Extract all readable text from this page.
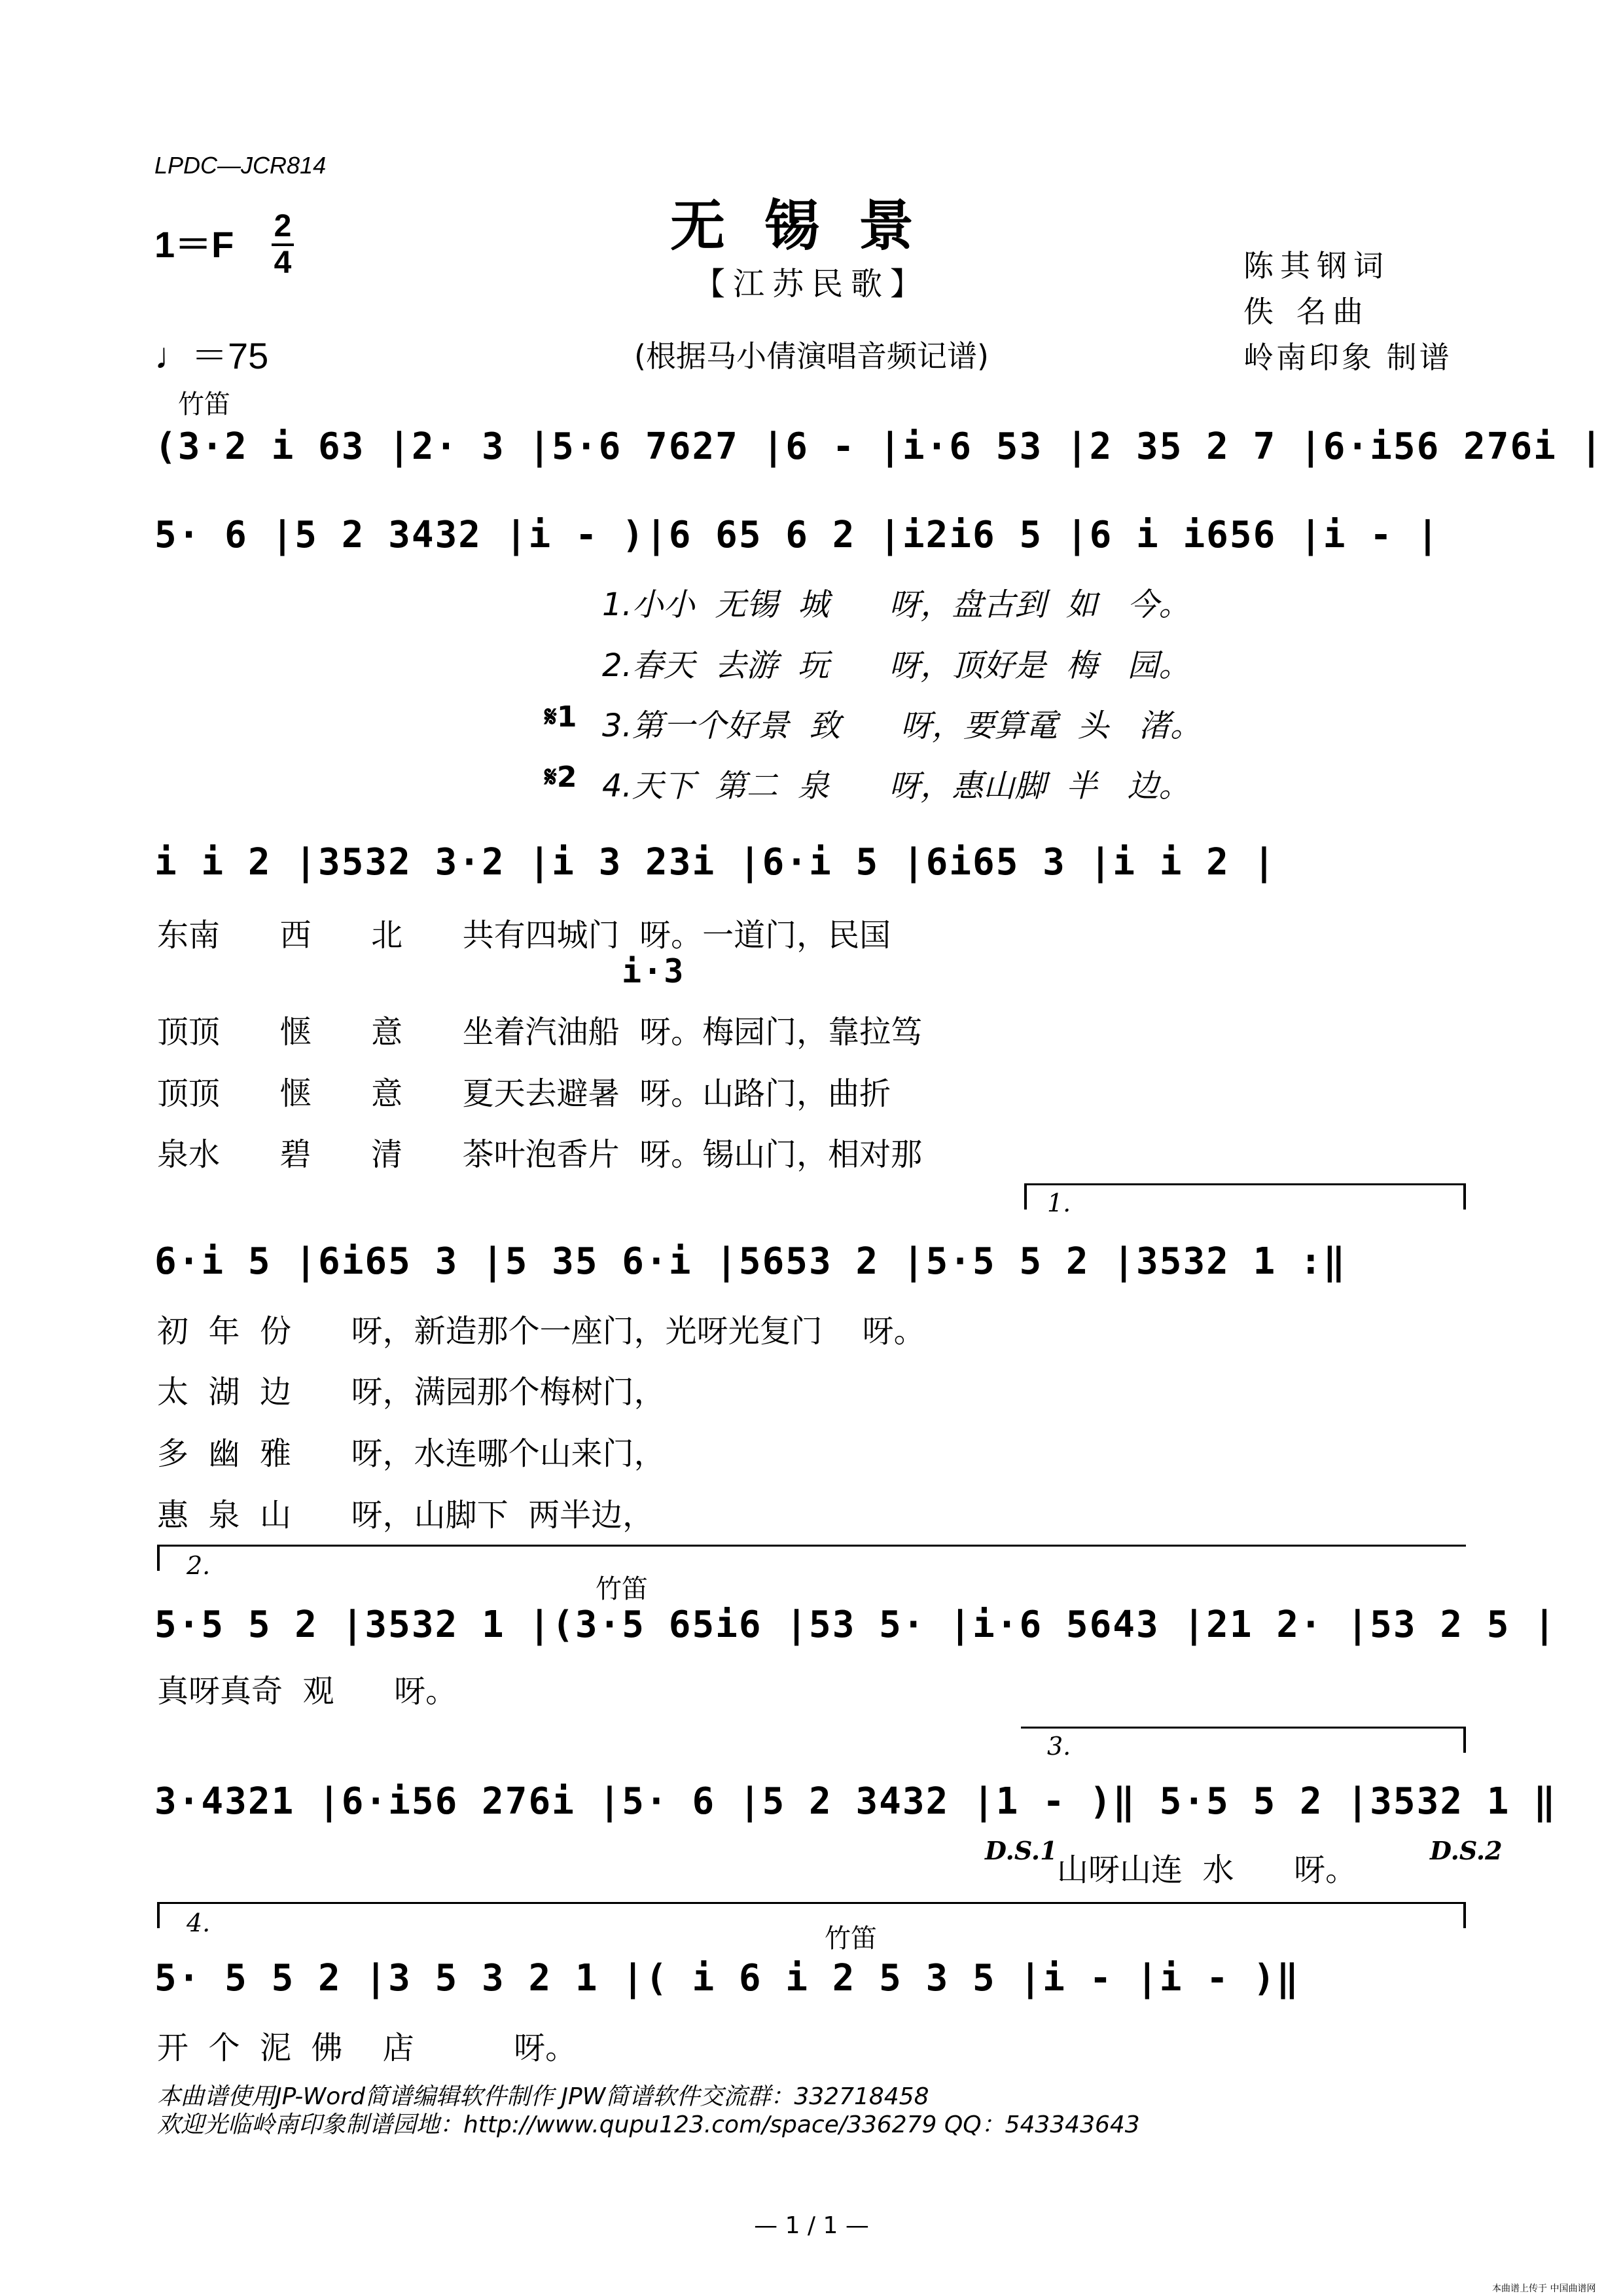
LPDC—JCR814
无锡景
【江苏民歌】
(根据马小倩演唱音频记谱)
陈其钢词
佚 名曲
岭南印象 制谱
1＝F 2
4
♩＝75
竹笛
(3·2 i 63 |2· 3 |5·6 7627 |6 - |i·6 53 |2 35 2 7 |6·i56 276i |
5· 6 |5 2 3432 |i - )|6 65 6 2 |i2i6 5 |6 i i656 |i - |
1.小小  无锡  城      呀，盘古到  如   今。
2.春天  去游  玩      呀，顶好是  梅   园。
𝄋1 3.第一个好景  致      呀，要算鼋  头   渚。
𝄋2 4.天下  第二  泉      呀，惠山脚  半   边。
i i 2 |3532 3·2 |i 3 23i |6·i 5 |6i65 3 |i i 2 |
东南      西      北      共有四城门  呀。一道门，民国
i·3
顶顶      惬      意      坐着汽油船  呀。梅园门，靠拉笃
顶顶      惬      意      夏天去避暑  呀。山路门，曲折
泉水      碧      清      茶叶泡香片  呀。锡山门，相对那
1.
6·i 5 |6i65 3 |5 35 6·i |5653 2 |5·5 5 2 |3532 1 :‖
初  年  份      呀，新造那个一座门，光呀光复门    呀。
太  湖  边      呀，满园那个梅树门，
多  幽  雅      呀，水连哪个山来门，
惠  泉  山      呀，山脚下  两半边，
2.
竹笛
5·5 5 2 |3532 1 |(3·5 65i6 |53 5· |i·6 5643 |21 2· |53 2 5 |
真呀真奇  观      呀。
3.
3·4321 |6·i56 276i |5· 6 |5 2 3432 |1 - )‖ 5·5 5 2 |3532 1 ‖
D.S.1
山呀山连  水      呀。
D.S.2
4.
竹笛
5· 5 5 2 |3 5 3 2 1 |( i 6 i 2 5 3 5 |i - |i - )‖
开  个  泥  佛    店          呀。
本曲谱使用JP-Word简谱编辑软件制作 JPW简谱软件交流群：332718458
欢迎光临岭南印象制谱园地：http://www.qupu123.com/space/336279 QQ：543343643
— 1 / 1 —
本曲谱上传于 中国曲谱网
